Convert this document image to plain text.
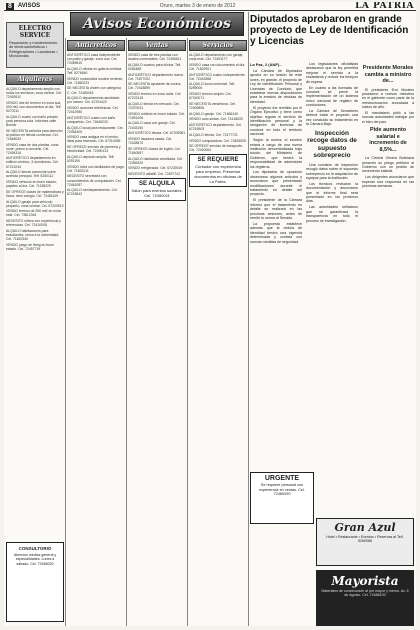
8	AVISOS	Oruro, martes 3 de enero de 2012	LA PATRIA
Avisos Económicos
ELECTRO SERVICE
Reparación y mantenimiento de electrodomésticos • Refrigeradores • Lavadoras • Microondas
Alquileres
ALQUILO departamento amplio con todos los servicios, zona central. Cel. 72453911
VENDO lote de terreno en zona sud, 300 mt2 con documentos al día. Telf. 5270211
ALQUILO cuarto con baño privado para persona sola. Informes calle Bolívar
SE NECESITA señorita para atención al público en tienda comercial. Cel. 71848032
VENDO casa de dos plantas, zona norte, precio a convenir. Cel. 72494316
ANTICRÉTICO departamento en edificio céntrico, 3 dormitorios. Cel. 67212044
ALQUILO tienda comercial sobre avenida principal. Telf. 5250112
VENDO vehículo en buen estado, papeles al día. Cel. 71198220
SE OFRECE clases de matemáticas y física, nivel colegio. Cel. 72481109
ALQUILO garaje para vehículo pequeño, zona central. Cel. 67200913
VENDO terreno de 250 mt2 en zona este. Cel. 73812044
NECESITO niñera con experiencia y referencias. Cel. 72410008
ALQUILO habitaciones para estudiantes, cerca a la universidad. Cel. 71822340
VENDO juego de living en buen estado. Cel. 72457719
CONSULTORIO
Atención médica general y especialidades. Lunes a sábado. Cel. 72455020
Anticréticos
ANTICRÉTICO casa independiente con patio y garaje, zona sud. Cel. 72459810
ALQUILO oficina en galería céntrica. Telf. 5276540
VENDO motocicleta modelo reciente. Cel. 71860223
SE NECESITA chofer con categoría C. Cel. 72480016
ALQUILO departamento amoblado por meses. Cel. 67204422
VENDO acciones telefónicas. Cel. 72412980
ANTICRÉTICO cuarto con baño compartido. Cel. 71848220
ALQUILO local para restaurante. Cel. 72454300
VENDO casa antigua en el centro, ideal para inversión. Cel. 67210055
SE OFRECE servicio de plomería y electricidad. Cel. 72490123
ALQUILO depósito amplio. Telf. 5251190
VENDO lotes con facilidades de pago. Cel. 71832211
NECESITO secretaria con conocimientos de computación. Cel. 72461087
ALQUILO minidepartamento. Cel. 67218842
Ventas
VENDO casa de tres plantas con locales comerciales. Cel. 72456611
ALQUILO cuartos para oficina. Telf. 5254488
ANTICRÉTICO departamento nuevo. Cel. 71877002
SE NECESITA ayudante de cocina. Cel. 72418899
VENDO terreno en zona norte. Cel. 67222415
ALQUILO tienda en mercado. Cel. 72470031
VENDO minibús en buen estado. Cel. 71891406
ALQUILO casa con garaje. Cel. 72433190
ANTICRÉTICO tienda. Cel. 67209981
VENDO lavadora usada. Cel. 72428870
SE OFRECE clases de inglés. Cel. 71840557
ALQUILO habitación amoblada. Cel. 72465320
VENDO refrigerador. Cel. 67230019
NECESITO albañil. Cel. 72497742
SE ALQUILA
Salón para eventos sociales. Cel. 72450011
Servicios
ALQUILO departamento con garaje, zona este. Cel. 72451177
VENDO casa con documentos al día. Cel. 71822901
ANTICRÉTICO cuarto independiente. Cel. 72443368
ALQUILO local comercial. Telf. 5259006
VENDO terreno amplio. Cel. 67240071
SE NECESITA vendedora. Cel. 72409855
ALQUILO garaje. Cel. 71866140
VENDO auto sedan. Cel. 72418833
ANTICRÉTICO departamento. Cel. 67219903
ALQUILO tienda. Cel. 72477721
VENDO computadora. Cel. 71805539
SE OFRECE servicio de transporte. Cel. 72420064
SE REQUIERE
Contador con experiencia para empresa. Presentar documentos en oficinas de La Patria.
Diputados aprobaron en grande proyecto de Ley de Identificación y Licencias
La Paz, 2 (ANF).-
La Cámara de Diputados aprobó en su sesión de este lunes, en grande, el proyecto de Ley de Identificación Personal y Licencias de Conducir, que establece nuevas disposiciones para la emisión de cédulas de identidad.
El proyecto fue remitido por el Órgano Ejecutivo y tiene como objetivo regular el servicio de identificación personal y la otorgación de licencias de conducir en todo el territorio nacional.
Según la norma, el servicio estará a cargo de una nueva institución descentralizada bajo tuición del Ministerio de Gobierno, que tendrá la responsabilidad de administrar los registros.
Los diputados de oposición observaron algunos artículos y anunciaron que presentarán modificaciones durante el tratamiento en detalle del proyecto.
El presidente de la Cámara informó que el tratamiento en detalle se realizará en las próximas sesiones, antes de remitir la norma al Senado.
La propuesta establece además que la cédula de identidad tendrá una vigencia determinada y contará con nuevas medidas de seguridad.
Los legisladores oficialistas destacaron que la ley permitirá mejorar el servicio a la ciudadanía y reducir los tiempos de espera.
En cuanto a las licencias de conducir, se prevé la implementación de un sistema único nacional de registro de conductores.
La Cámara de Senadores deberá tratar el proyecto una vez concluido su tratamiento en la Cámara Baja.
Inspección recoge datos de supuesto sobreprecio
Una comisión de inspección recogió datos sobre el supuesto sobreprecio en la adquisición de equipos para la institución.
Los técnicos revisaron la documentación y anunciaron que el informe final será presentado en los próximos días.
Las autoridades señalaron que se garantizará la transparencia en todo el proceso de investigación.
Presidente Morales cambia a ministro de...
El presidente Evo Morales posesionó a nuevos ministros en el gabinete como parte de la reestructuración anunciada a inicios de año.
El mandatario pidió a las nuevas autoridades trabajar por el bien del país.
Pide aumento salarial e incremento de 8,5%...
La Central Obrera Boliviana presentó su pliego petitorio al Gobierno con un pedido de incremento salarial.
Los dirigentes anunciaron que esperan una respuesta en las próximas semanas.
URGENTE
Se requiere personal con experiencia en ventas. Cel. 72480090
Gran Azul
Hotel • Restaurante • Eventos • Reservas al Telf. 5260088
Mayorista
Materiales de construcción al por mayor y menor. Av. 6 de Agosto. Cel. 72488100
